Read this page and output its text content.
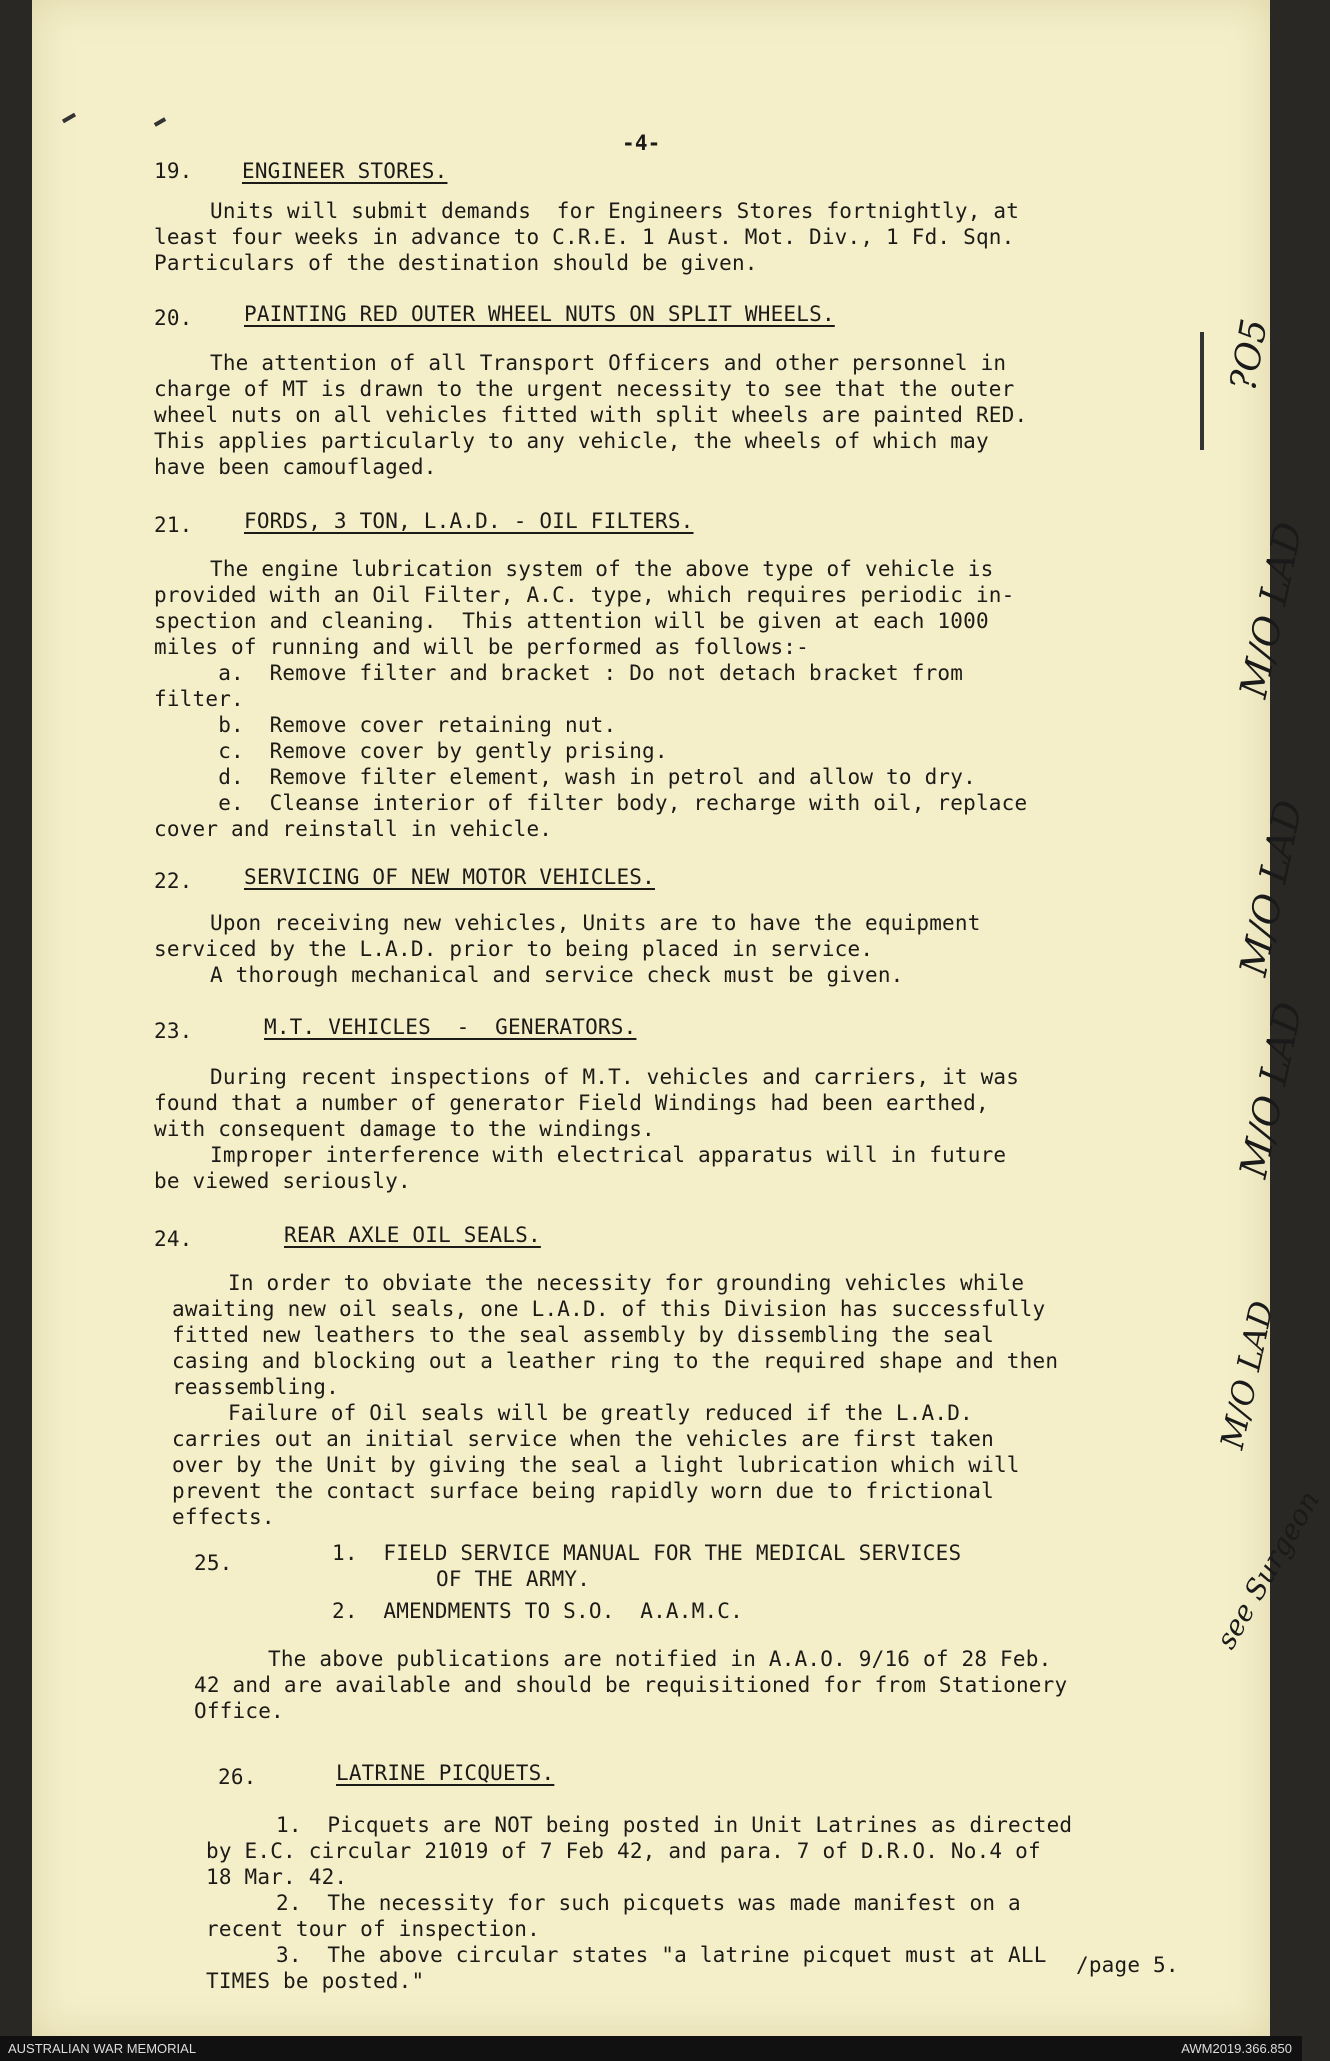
-4-
19. ENGINEER STORES.
Units will submit demands  for Engineers Stores fortnightly, at
least four weeks in advance to C.R.E. 1 Aust. Mot. Div., 1 Fd. Sqn.
Particulars of the destination should be given.
20. PAINTING RED OUTER WHEEL NUTS ON SPLIT WHEELS.
The attention of all Transport Officers and other personnel in
charge of MT is drawn to the urgent necessity to see that the outer
wheel nuts on all vehicles fitted with split wheels are painted RED.
This applies particularly to any vehicle, the wheels of which may
have been camouflaged.
?O5
21. FORDS, 3 TON, L.A.D. - OIL FILTERS.
The engine lubrication system of the above type of vehicle is
provided with an Oil Filter, A.C. type, which requires periodic in-
spection and cleaning.  This attention will be given at each 1000
miles of running and will be performed as follows:-
a.  Remove filter and bracket : Do not detach bracket from
filter.
b.  Remove cover retaining nut.
c.  Remove cover by gently prising.
d.  Remove filter element, wash in petrol and allow to dry.
e.  Cleanse interior of filter body, recharge with oil, replace
cover and reinstall in vehicle.
M/O LAD
22. SERVICING OF NEW MOTOR VEHICLES.
Upon receiving new vehicles, Units are to have the equipment
serviced by the L.A.D. prior to being placed in service.
A thorough mechanical and service check must be given.	M/O LAD
23.	M.T. VEHICLES  -  GENERATORS.
During recent inspections of M.T. vehicles and carriers, it was
found that a number of generator Field Windings had been earthed,
with consequent damage to the windings.
Improper interference with electrical apparatus will in future
be viewed seriously.	M/O LAD
24.	REAR AXLE OIL SEALS.
In order to obviate the necessity for grounding vehicles while
awaiting new oil seals, one L.A.D. of this Division has successfully
fitted new leathers to the seal assembly by dissembling the seal
casing and blocking out a leather ring to the required shape and then
reassembling.
Failure of Oil seals will be greatly reduced if the L.A.D.
carries out an initial service when the vehicles are first taken
over by the Unit by giving the seal a light lubrication which will
prevent the contact surface being rapidly worn due to frictional
effects.
M/O LAD
25.	1.  FIELD SERVICE MANUAL FOR THE MEDICAL SERVICES
OF THE ARMY.
2.  AMENDMENTS TO S.O.  A.A.M.C.
The above publications are notified in A.A.O. 9/16 of 28 Feb.
42 and are available and should be requisitioned for from Stationery
Office.
see Surgeon
26.	LATRINE PICQUETS.
1.  Picquets are NOT being posted in Unit Latrines as directed
by E.C. circular 21019 of 7 Feb 42, and para. 7 of D.R.O. No.4 of
18 Mar. 42.
2.  The necessity for such picquets was made manifest on a
recent tour of inspection.
3.  The above circular states "a latrine picquet must at ALL
TIMES be posted."
/page 5.
AUSTRALIAN WAR MEMORIAL	AWM2019.366.850
